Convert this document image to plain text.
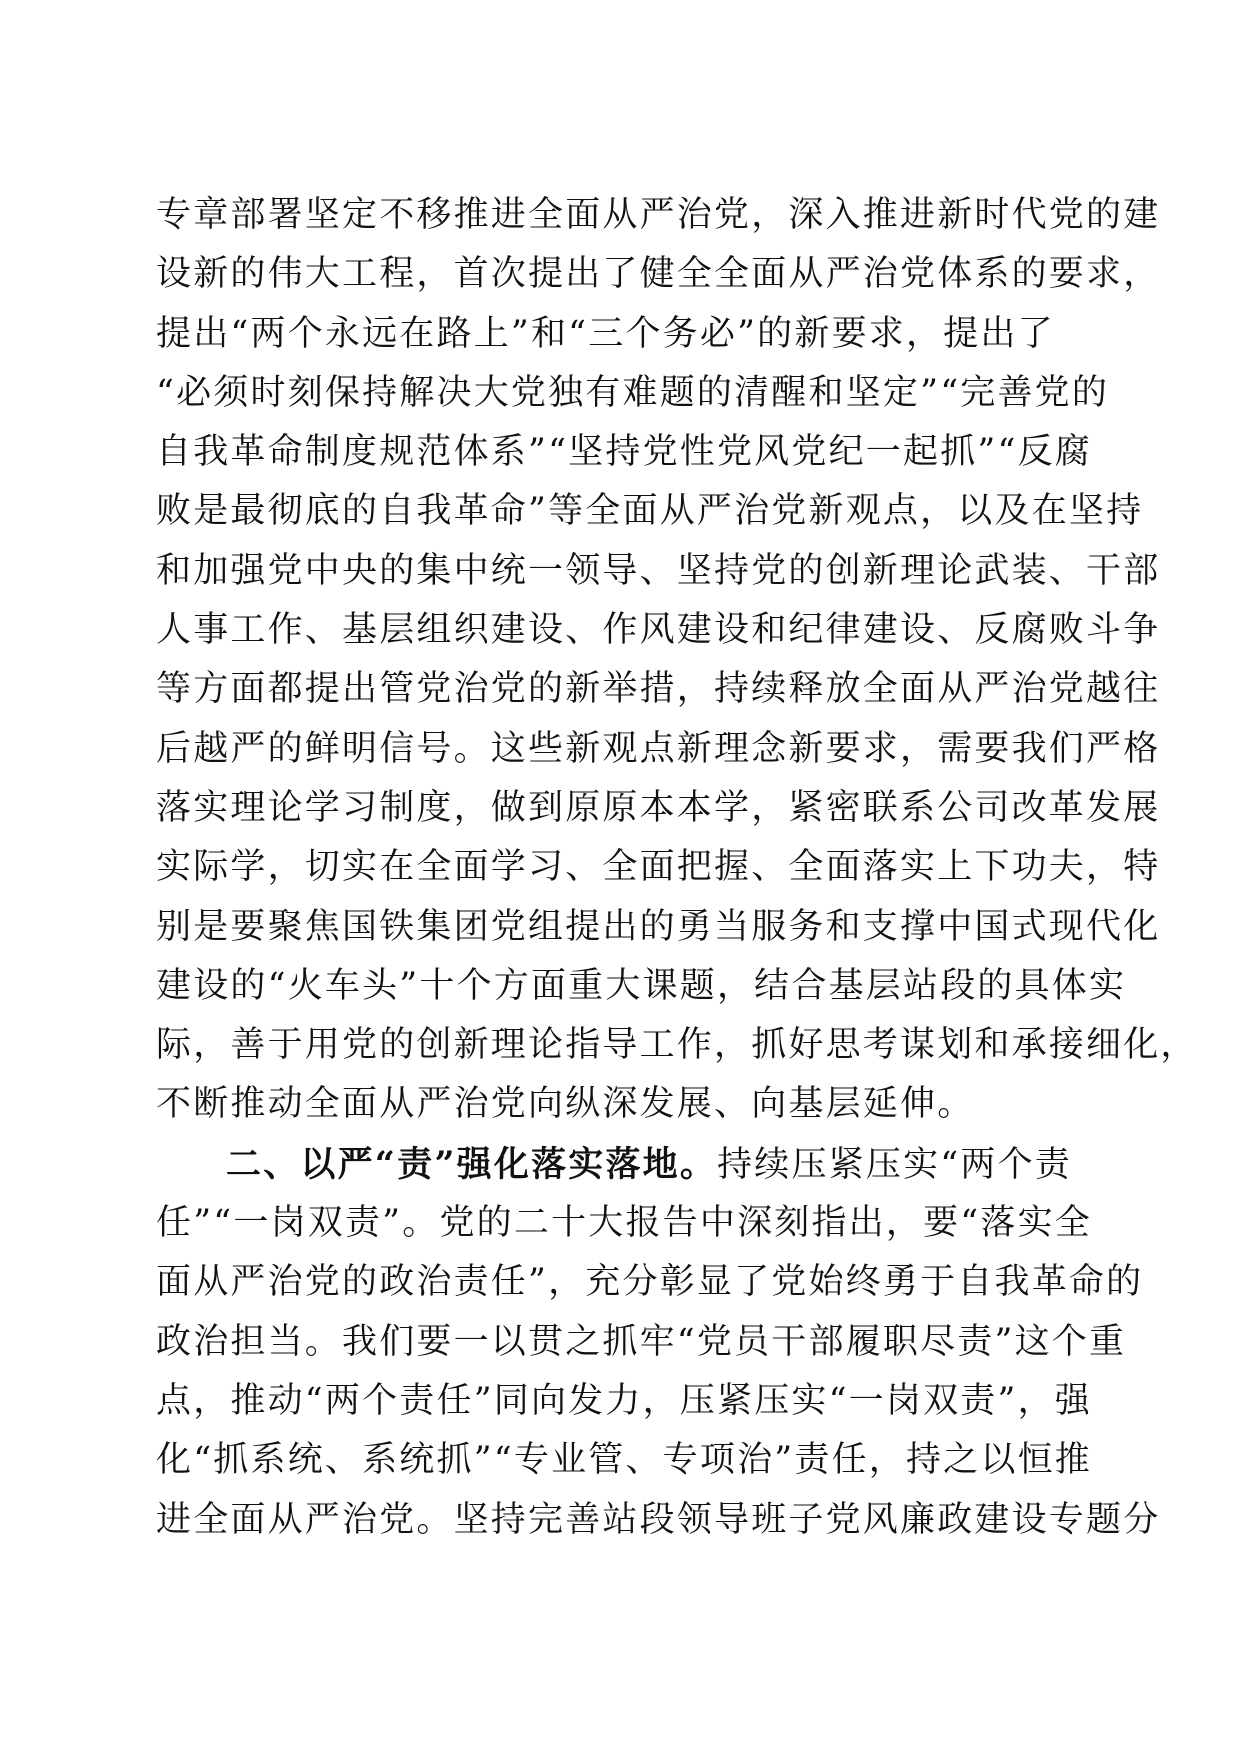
专章部署坚定不移推进全面从严治党，深入推进新时代党的建
设新的伟大工程，首次提出了健全全面从严治党体系的要求，
提出“两个永远在路上”和“三个务必”的新要求，提出了
“必须时刻保持解决大党独有难题的清醒和坚定”“完善党的
自我革命制度规范体系”“坚持党性党风党纪一起抓”“反腐
败是最彻底的自我革命”等全面从严治党新观点，以及在坚持
和加强党中央的集中统一领导、坚持党的创新理论武装、干部
人事工作、基层组织建设、作风建设和纪律建设、反腐败斗争
等方面都提出管党治党的新举措，持续释放全面从严治党越往
后越严的鲜明信号。这些新观点新理念新要求，需要我们严格
落实理论学习制度，做到原原本本学，紧密联系公司改革发展
实际学，切实在全面学习、全面把握、全面落实上下功夫，特
别是要聚焦国铁集团党组提出的勇当服务和支撑中国式现代化
建设的“火车头”十个方面重大课题，结合基层站段的具体实
际，善于用党的创新理论指导工作，抓好思考谋划和承接细化，
不断推动全面从严治党向纵深发展、向基层延伸。
二、以严“责”强化落实落地。持续压紧压实“两个责
任”“一岗双责”。党的二十大报告中深刻指出，要“落实全
面从严治党的政治责任”，充分彰显了党始终勇于自我革命的
政治担当。我们要一以贯之抓牢“党员干部履职尽责”这个重
点，推动“两个责任”同向发力，压紧压实“一岗双责”，强
化“抓系统、系统抓”“专业管、专项治”责任，持之以恒推
进全面从严治党。坚持完善站段领导班子党风廉政建设专题分
